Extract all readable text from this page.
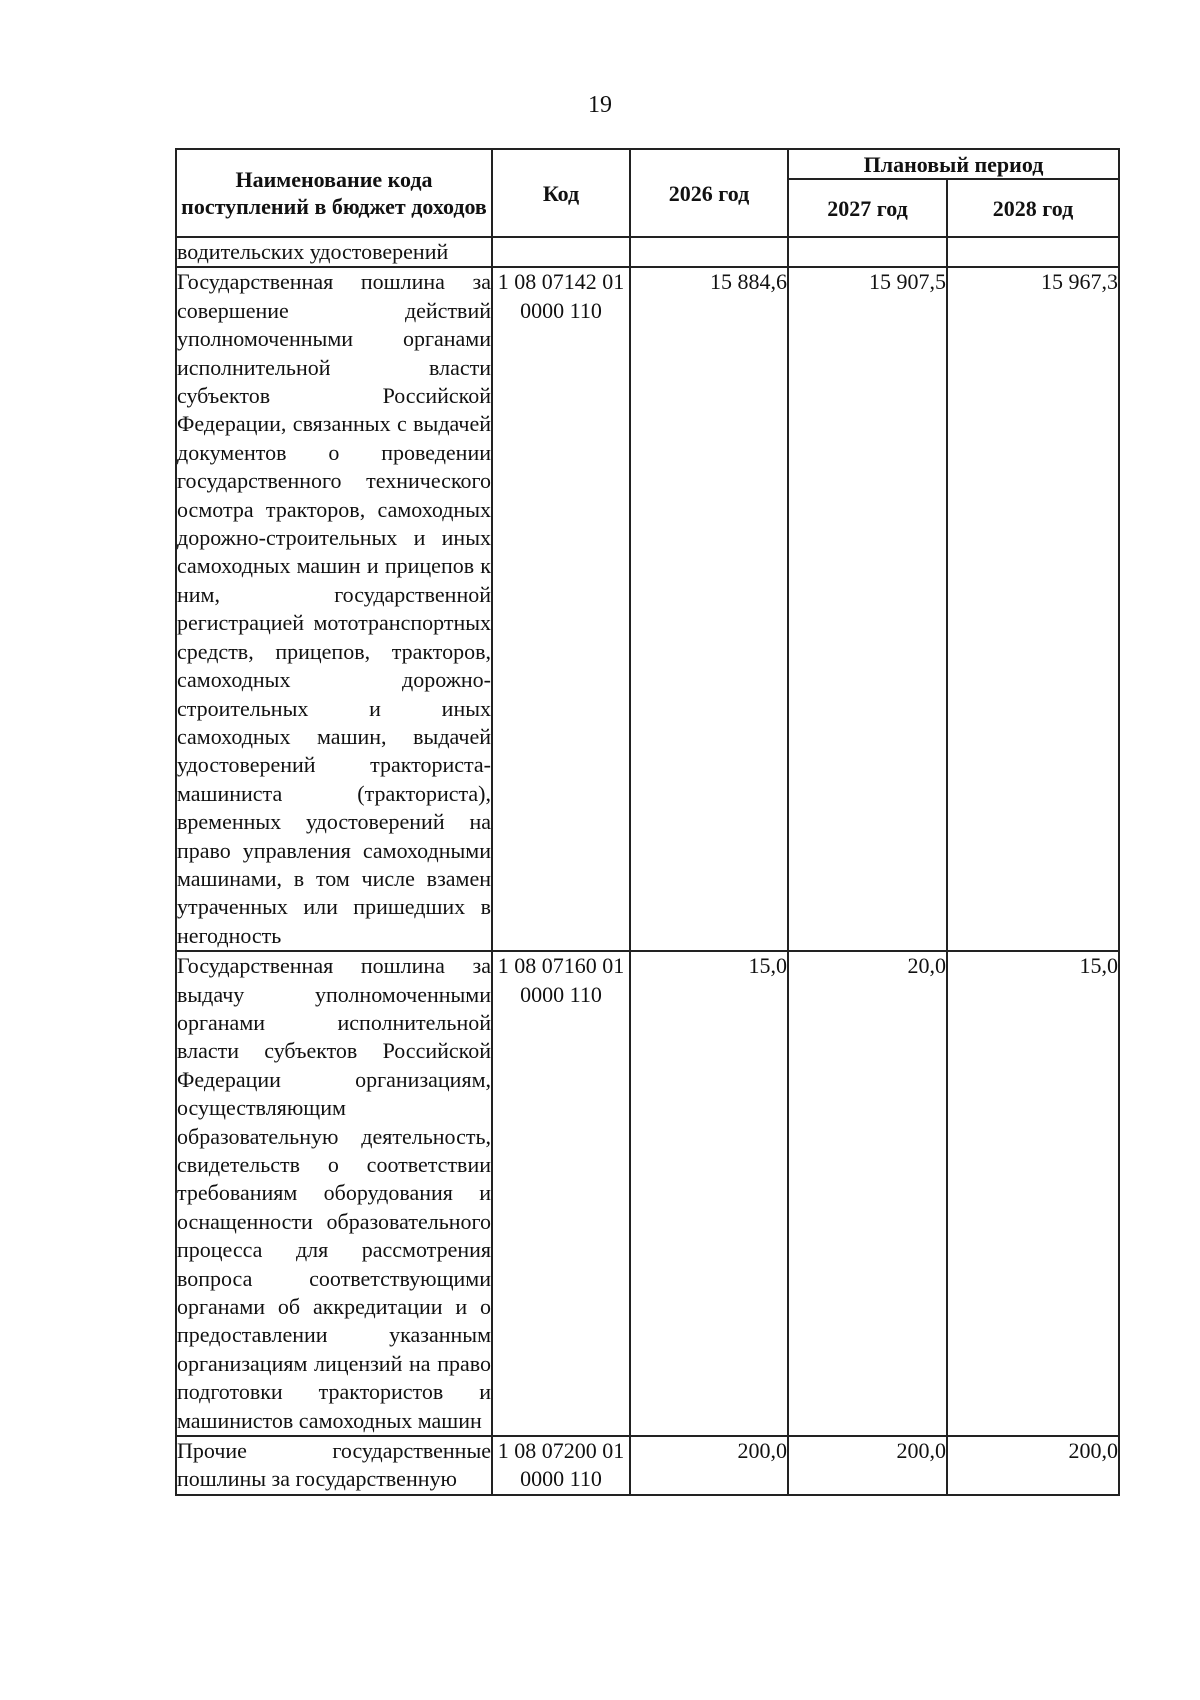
19
Наименование кода поступлений в бюджет доходов	Код	2026 год	Плановый период	
			2027 год	2028 год
водительских удостоверений				
Государственная пошлина за совершение действий уполномоченными органами исполнительной власти субъектов Российской Федерации, связанных с выдачей документов о проведении государственного технического осмотра тракторов, самоходных дорожно-строительных и иных самоходных машин и прицепов к ним, государственной регистрацией мототранспортных средств, прицепов, тракторов, самоходных дорожно-строительных и иных самоходных машин, выдачей удостоверений тракториста-машиниста (тракториста), временных удостоверений на право управления самоходными машинами, в том числе взамен утраченных или пришедших в негодность	1 08 07142 01 0000 110	15 884,6	15 907,5	15 967,3
Государственная пошлина за выдачу уполномоченными органами исполнительной власти субъектов Российской Федерации организациям, осуществляющим образовательную деятельность, свидетельств о соответствии требованиям оборудования и оснащенности образовательного процесса для рассмотрения вопроса соответствующими органами об аккредитации и о предоставлении указанным организациям лицензий на право подготовки трактористов и машинистов самоходных машин	1 08 07160 01 0000 110	15,0	20,0	15,0
Прочие государственные пошлины за государственную	1 08 07200 01 0000 110	200,0	200,0	200,0
